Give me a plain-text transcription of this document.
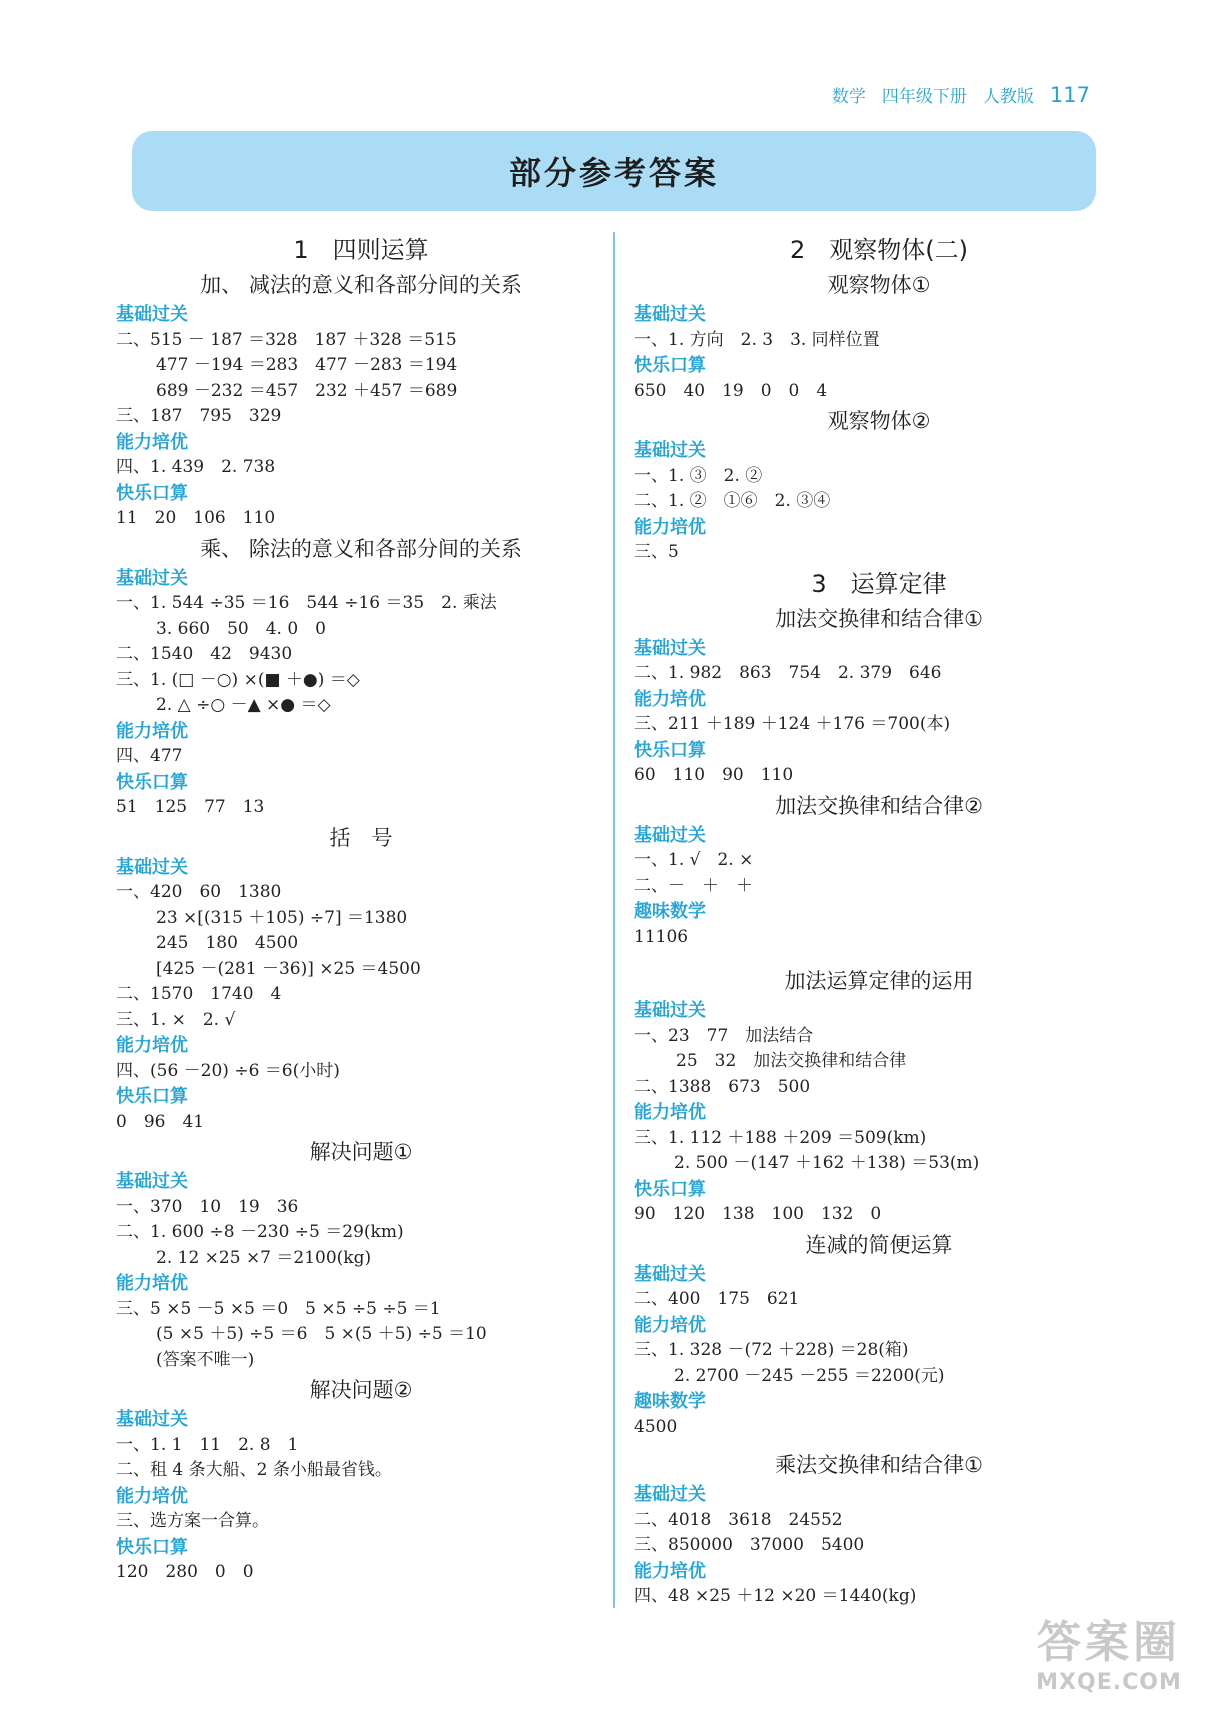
数学 四年级下册 人教版 117
部分参考答案
1　四则运算
加、 减法的意义和各部分间的关系
基础过关
二、515 － 187 ＝328　187 ＋328 ＝515
477 －194 ＝283　477 －283 ＝194
689 －232 ＝457　232 ＋457 ＝689
三、187　795　329
能力培优
四、1. 439　2. 738
快乐口算
11　20　106　110
乘、 除法的意义和各部分间的关系
基础过关
一、1. 544 ÷35 ＝16　544 ÷16 ＝35　2. 乘法
3. 660　50　4. 0　0
二、1540　42　9430
三、1. (□ －○) ×(■ ＋●) ＝◇
2. △ ÷○ －▲ ×● ＝◇
能力培优
四、477
快乐口算
51　125　77　13
括　号
基础过关
一、420　60　1380
23 ×[(315 ＋105) ÷7] ＝1380
245　180　4500
[425 －(281 －36)] ×25 ＝4500
二、1570　1740　4
三、1. ×　2. √
能力培优
四、(56 －20) ÷6 ＝6(小时)
快乐口算
0　96　41
解决问题①
基础过关
一、370　10　19　36
二、1. 600 ÷8 －230 ÷5 ＝29(km)
2. 12 ×25 ×7 ＝2100(kg)
能力培优
三、5 ×5 －5 ×5 ＝0　5 ×5 ÷5 ÷5 ＝1
(5 ×5 ＋5) ÷5 ＝6　5 ×(5 ＋5) ÷5 ＝10
(答案不唯一)
解决问题②
基础过关
一、1. 1　11　2. 8　1
二、租 4 条大船、2 条小船最省钱。
能力培优
三、选方案一合算。
快乐口算
120　280　0　0
2　观察物体(二)
观察物体①
基础过关
一、1. 方向　2. 3　3. 同样位置
快乐口算
650　40　19　0　0　4
观察物体②
基础过关
一、1. ③　2. ②
二、1. ②　①⑥　2. ③④
能力培优
三、5
3　运算定律
加法交换律和结合律①
基础过关
二、1. 982　863　754　2. 379　646
能力培优
三、211 ＋189 ＋124 ＋176 ＝700(本)
快乐口算
60　110　90　110
加法交换律和结合律②
基础过关
一、1. √　2. ×
二、－　＋　＋
趣味数学
11106
加法运算定律的运用
基础过关
一、23　77　加法结合
25　32　加法交换律和结合律
二、1388　673　500
能力培优
三、1. 112 ＋188 ＋209 ＝509(km)
2. 500 －(147 ＋162 ＋138) ＝53(m)
快乐口算
90　120　138　100　132　0
连减的简便运算
基础过关
二、400　175　621
能力培优
三、1. 328 －(72 ＋228) ＝28(箱)
2. 2700 －245 －255 ＝2200(元)
趣味数学
4500
乘法交换律和结合律①
基础过关
二、4018　3618　24552
三、850000　37000　5400
能力培优
四、48 ×25 ＋12 ×20 ＝1440(kg)
答案圈
MXQE.COM
